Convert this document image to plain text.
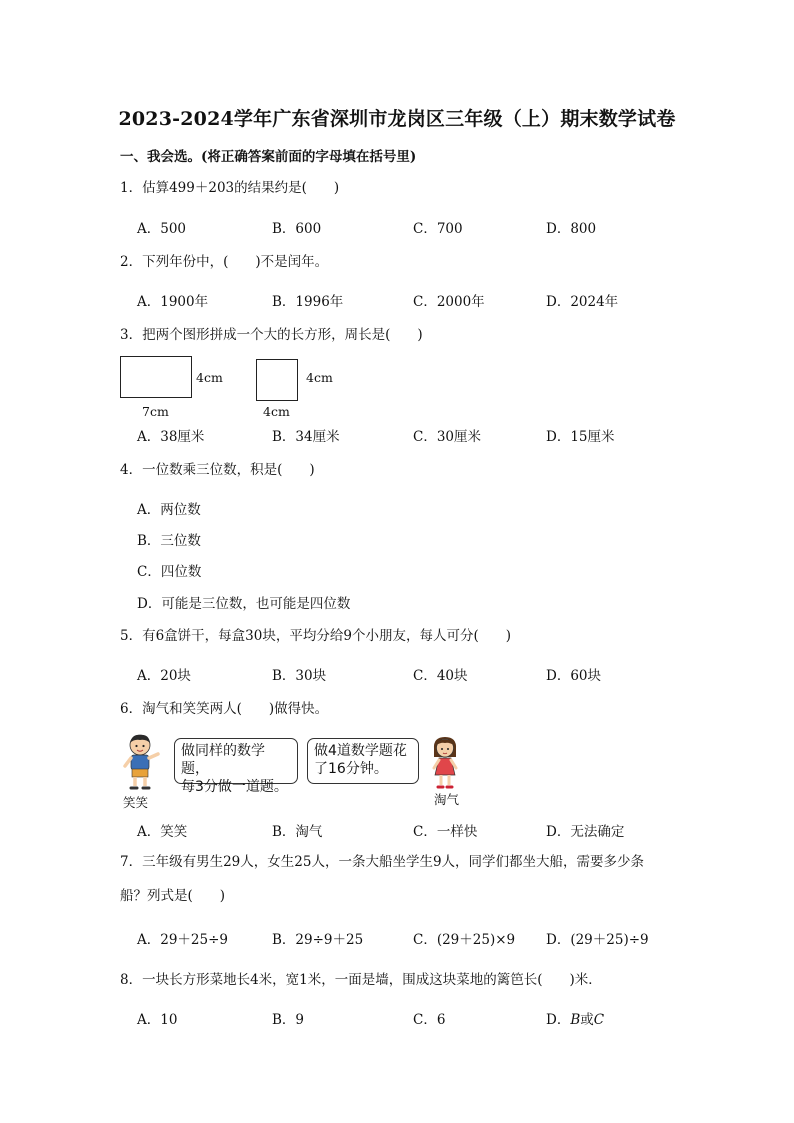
2023-2024学年广东省深圳市龙岗区三年级（上）期末数学试卷
一、我会选。(将正确答案前面的字母填在括号里)
1．估算499＋203的结果约是(　　)
A．500	B．600	C．700	D．800
2．下列年份中，(　　)不是闰年。
A．1900年	B．1996年	C．2000年	D．2024年
3．把两个图形拼成一个大的长方形，周长是(　　)
4cm
7cm
4cm
4cm
A．38厘米	B．34厘米	C．30厘米	D．15厘米
4．一位数乘三位数，积是(　　)
A．两位数
B．三位数
C．四位数
D．可能是三位数，也可能是四位数
5．有6盒饼干，每盒30块，平均分给9个小朋友，每人可分(　　)
A．20块	B．30块	C．40块	D．60块
6．淘气和笑笑两人(　　)做得快。
笑笑
做同样的数学题，
每3分做一道题。
做4道数学题花
了16分钟。
淘气
A．笑笑	B．淘气	C．一样快	D．无法确定
7．三年级有男生29人，女生25人，一条大船坐学生9人，同学们都坐大船，需要多少条
船？列式是(　　)
A．29＋25÷9	B．29÷9＋25	C．(29＋25)×9 D．(29＋25)÷9
8．一块长方形菜地长4米，宽1米，一面是墙，围成这块菜地的篱笆长(　　)米．
A．10	B．9	C．6	D．B或C
